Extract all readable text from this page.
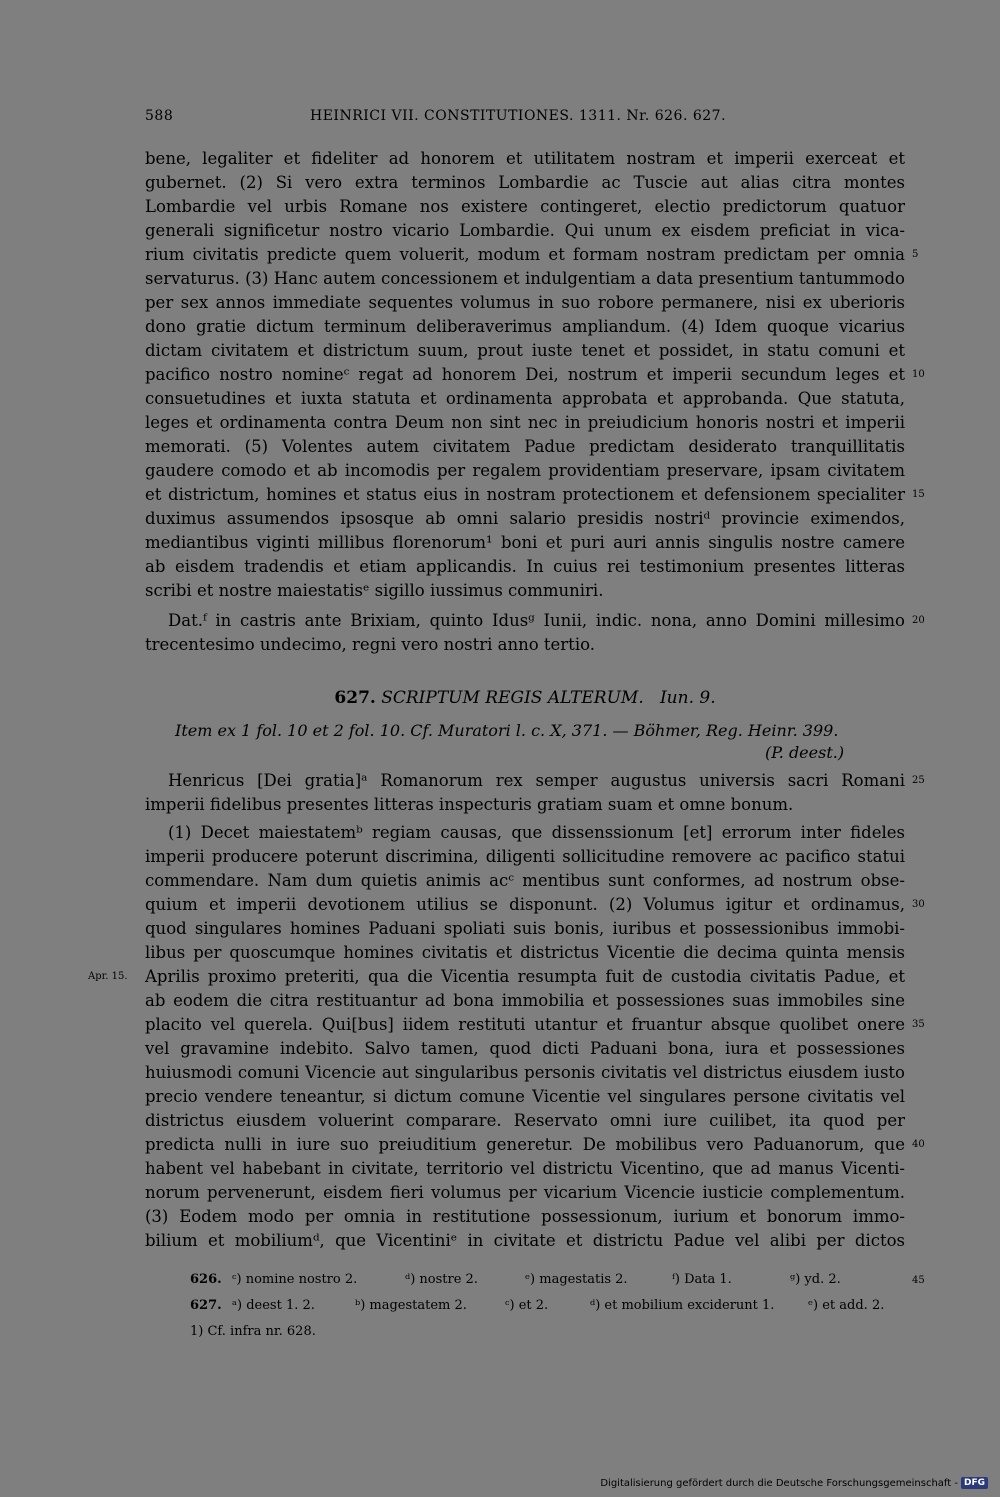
588	HEINRICI VII. CONSTITUTIONES. 1311. Nr. 626. 627.
bene, legaliter et fideliter ad honorem et utilitatem nostram et imperii exerceat et
gubernet. (2) Si vero extra terminos Lombardie ac Tuscie aut alias citra montes
Lombardie vel urbis Romane nos existere contingeret, electio predictorum quatuor
generali significetur nostro vicario Lombardie. Qui unum ex eisdem preficiat in vica-
rium civitatis predicte quem voluerit, modum et formam nostram predictam per omnia
servaturus. (3) Hanc autem concessionem et indulgentiam a data presentium tantummodo
per sex annos immediate sequentes volumus in suo robore permanere, nisi ex uberioris
dono gratie dictum terminum deliberaverimus ampliandum. (4) Idem quoque vicarius
dictam civitatem et districtum suum, prout iuste tenet et possidet, in statu comuni et
pacifico nostro nomineᶜ regat ad honorem Dei, nostrum et imperii secundum leges et
consuetudines et iuxta statuta et ordinamenta approbata et approbanda. Que statuta,
leges et ordinamenta contra Deum non sint nec in preiudicium honoris nostri et imperii
memorati. (5) Volentes autem civitatem Padue predictam desiderato tranquillitatis
gaudere comodo et ab incomodis per regalem providentiam preservare, ipsam civitatem
et districtum, homines et status eius in nostram protectionem et defensionem specialiter
duximus assumendos ipsosque ab omni salario presidis nostriᵈ provincie eximendos,
mediantibus viginti millibus florenorum¹ boni et puri auri annis singulis nostre camere
ab eisdem tradendis et etiam applicandis. In cuius rei testimonium presentes litteras
scribi et nostre maiestatisᵉ sigillo iussimus communiri.
Dat.ᶠ in castris ante Brixiam, quinto Idusᵍ Iunii, indic. nona, anno Domini millesimo
trecentesimo undecimo, regni vero nostri anno tertio.
627. SCRIPTUM REGIS ALTERUM. Iun. 9.
Item ex 1 fol. 10 et 2 fol. 10. Cf. Muratori l. c. X, 371. — Böhmer, Reg. Heinr. 399.
(P. deest.)
Henricus [Dei gratia]ᵃ Romanorum rex semper augustus universis sacri Romani
imperii fidelibus presentes litteras inspecturis gratiam suam et omne bonum.
(1) Decet maiestatemᵇ regiam causas, que dissenssionum [et] errorum inter fideles
imperii producere poterunt discrimina, diligenti sollicitudine removere ac pacifico statui
commendare. Nam dum quietis animis acᶜ mentibus sunt conformes, ad nostrum obse-
quium et imperii devotionem utilius se disponunt. (2) Volumus igitur et ordinamus,
quod singulares homines Paduani spoliati suis bonis, iuribus et possessionibus immobi-
libus per quoscumque homines civitatis et districtus Vicentie die decima quinta mensis
Aprilis proximo preteriti, qua die Vicentia resumpta fuit de custodia civitatis Padue, et
ab eodem die citra restituantur ad bona immobilia et possessiones suas immobiles sine
placito vel querela. Qui[bus] iidem restituti utantur et fruantur absque quolibet onere
vel gravamine indebito. Salvo tamen, quod dicti Paduani bona, iura et possessiones
huiusmodi comuni Vicencie aut singularibus personis civitatis vel districtus eiusdem iusto
precio vendere teneantur, si dictum comune Vicentie vel singulares persone civitatis vel
districtus eiusdem voluerint comparare. Reservato omni iure cuilibet, ita quod per
predicta nulli in iure suo preiuditium generetur. De mobilibus vero Paduanorum, que
habent vel habebant in civitate, territorio vel districtu Vicentino, que ad manus Vicenti-
norum pervenerunt, eisdem fieri volumus per vicarium Vicencie iusticie complementum.
(3) Eodem modo per omnia in restitutione possessionum, iurium et bonorum immo-
bilium et mobiliumᵈ, que Vicentiniᵉ in civitate et districtu Padue vel alibi per dictos
Apr. 15.
5
10
15
20
25
30
35
40
45
626. ᶜ) nomine nostro 2.	ᵈ) nostre 2.	ᵉ) magestatis 2.	ᶠ) Data 1.	ᵍ) yd. 2.
627. ᵃ) deest 1. 2.	ᵇ) magestatem 2.	ᶜ) et 2.	ᵈ) et mobilium exciderunt 1.	ᵉ) et add. 2.
1) Cf. infra nr. 628.
Digitalisierung gefördert durch die Deutsche Forschungsgemeinschaft - DFG
